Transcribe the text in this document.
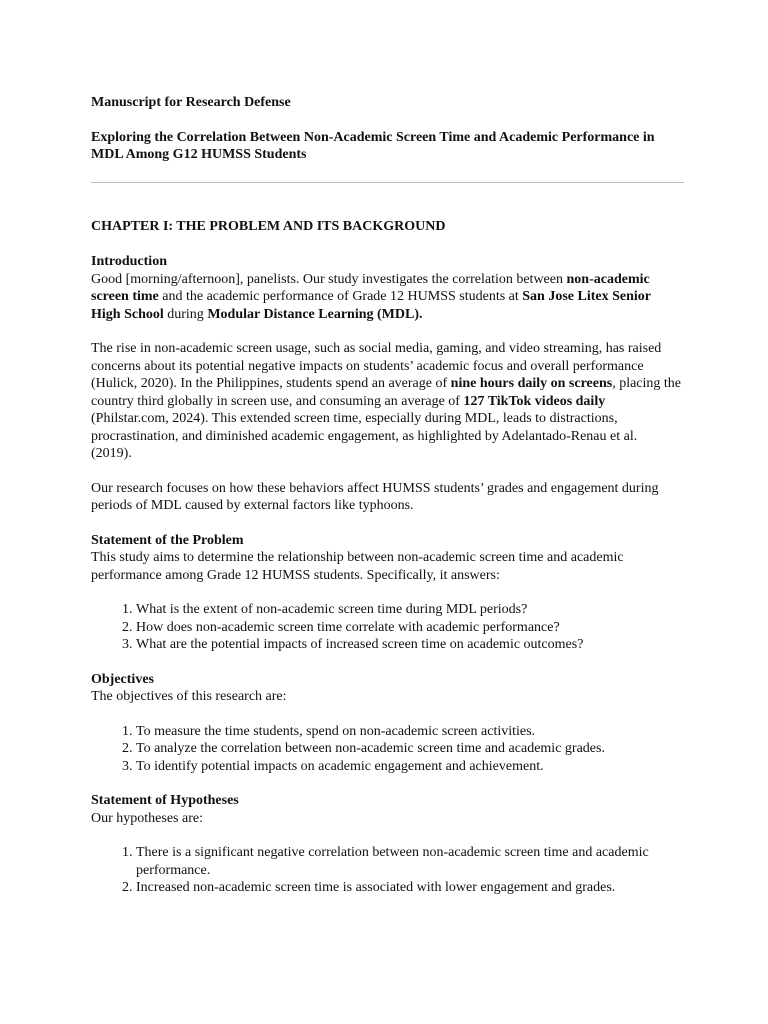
Manuscript for Research Defense

Exploring the Correlation Between Non-Academic Screen Time and Academic Performance in MDL Among G12 HUMSS Students

CHAPTER I: THE PROBLEM AND ITS BACKGROUND

Introduction

Good [morning/afternoon], panelists. Our study investigates the correlation between non-academic screen time and the academic performance of Grade 12 HUMSS students at San Jose Litex Senior High School during Modular Distance Learning (MDL).

The rise in non-academic screen usage, such as social media, gaming, and video streaming, has raised concerns about its potential negative impacts on students’ academic focus and overall performance (Hulick, 2020). In the Philippines, students spend an average of nine hours daily on screens, placing the country third globally in screen use, and consuming an average of 127 TikTok videos daily (Philstar.com, 2024). This extended screen time, especially during MDL, leads to distractions, procrastination, and diminished academic engagement, as highlighted by Adelantado-Renau et al. (2019).

Our research focuses on how these behaviors affect HUMSS students’ grades and engagement during periods of MDL caused by external factors like typhoons.

Statement of the Problem

This study aims to determine the relationship between non-academic screen time and academic performance among Grade 12 HUMSS students. Specifically, it answers:

1. What is the extent of non-academic screen time during MDL periods?
2. How does non-academic screen time correlate with academic performance?
3. What are the potential impacts of increased screen time on academic outcomes?

Objectives

The objectives of this research are:

1. To measure the time students, spend on non-academic screen activities.
2. To analyze the correlation between non-academic screen time and academic grades.
3. To identify potential impacts on academic engagement and achievement.

Statement of Hypotheses

Our hypotheses are:

1. There is a significant negative correlation between non-academic screen time and academic performance.
2. Increased non-academic screen time is associated with lower engagement and grades.
